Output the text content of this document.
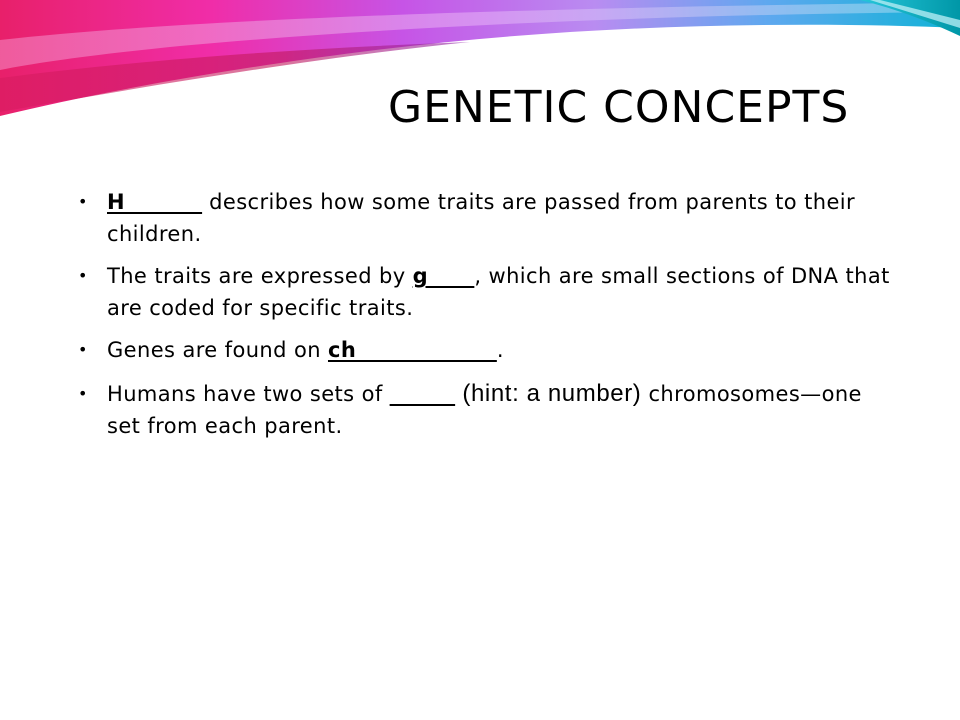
GENETIC CONCEPTS
• H           describes how some traits are passed from parents to their children.
• The traits are expressed by g      , which are small sections of DNA that are coded for specific traits.
• Genes are found on ch              ___.
• Humans have two sets of ______ (hint: a number) chromosomes—one set from each parent.
